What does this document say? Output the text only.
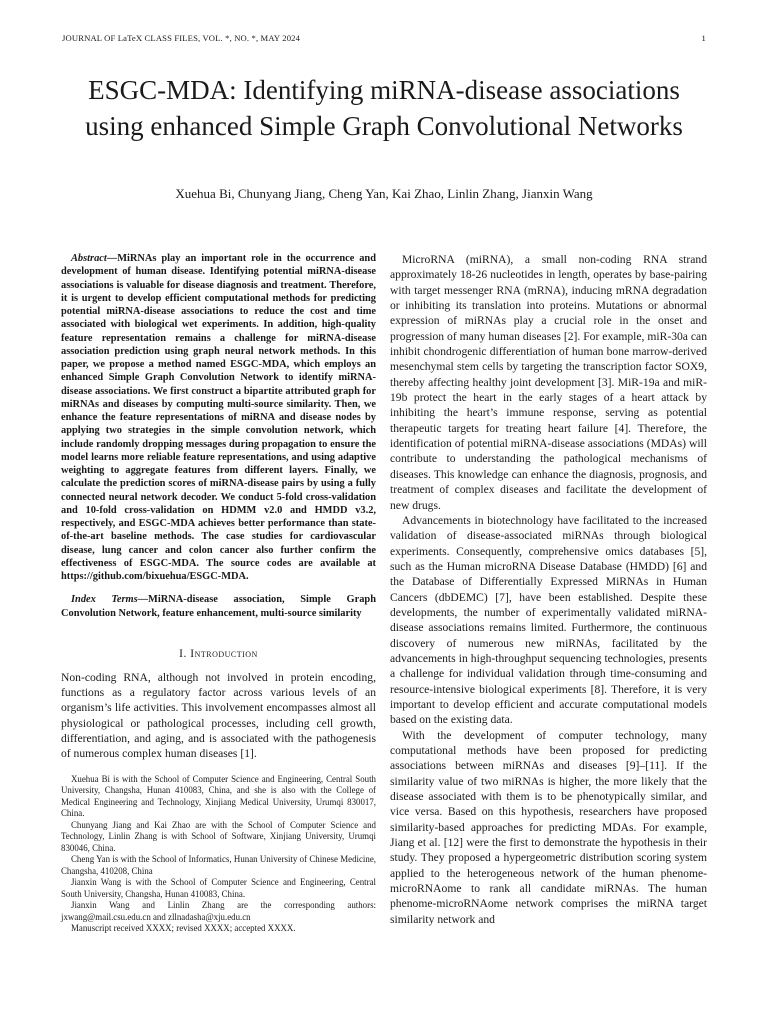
JOURNAL OF LaTeX CLASS FILES, VOL. *, NO. *, MAY 2024	1
ESGC-MDA: Identifying miRNA-disease associations using enhanced Simple Graph Convolutional Networks
Xuehua Bi, Chunyang Jiang, Cheng Yan, Kai Zhao, Linlin Zhang, Jianxin Wang

Abstract—MiRNAs play an important role in the occurrence and development of human disease. Identifying potential miRNA-disease associations is valuable for disease diagnosis and treatment. Therefore, it is urgent to develop efficient computational methods for predicting potential miRNA-disease associations to reduce the cost and time associated with biological wet experiments. In addition, high-quality feature representation remains a challenge for miRNA-disease association prediction using graph neural network methods. In this paper, we propose a method named ESGC-MDA, which employs an enhanced Simple Graph Convolution Network to identify miRNA-disease associations. We first construct a bipartite attributed graph for miRNAs and diseases by computing multi-source similarity. Then, we enhance the feature representations of miRNA and disease nodes by applying two strategies in the simple convolution network, which include randomly dropping messages during propagation to ensure the model learns more reliable feature representations, and using adaptive weighting to aggregate features from different layers. Finally, we calculate the prediction scores of miRNA-disease pairs by using a fully connected neural network decoder. We conduct 5-fold cross-validation and 10-fold cross-validation on HDMM v2.0 and HMDD v3.2, respectively, and ESGC-MDA achieves better performance than state-of-the-art baseline methods. The case studies for cardiovascular disease, lung cancer and colon cancer also further confirm the effectiveness of ESGC-MDA. The source codes are available at https://github.com/bixuehua/ESGC-MDA.

Index Terms—MiRNA-disease association, Simple Graph Convolution Network, feature enhancement, multi-source similarity

I. Introduction

Non-coding RNA, although not involved in protein encoding, functions as a regulatory factor across various levels of an organism’s life activities. This involvement encompasses almost all physiological or pathological processes, including cell growth, differentiation, and aging, and is associated with the pathogenesis of numerous complex human diseases [1].

Xuehua Bi is with the School of Computer Science and Engineering, Central South University, Changsha, Hunan 410083, China, and she is also with the College of Medical Engineering and Technology, Xinjiang Medical University, Urumqi 830017, China.

Chunyang Jiang and Kai Zhao are with the School of Computer Science and Technology, Linlin Zhang is with School of Software, Xinjiang University, Urumqi 830046, China.

Cheng Yan is with the School of Informatics, Hunan University of Chinese Medicine, Changsha, 410208, China

Jianxin Wang is with the School of Computer Science and Engineering, Central South University, Changsha, Hunan 410083, China.

Jianxin Wang and Linlin Zhang are the corresponding authors: jxwang@mail.csu.edu.cn and zllnadasha@xju.edu.cn

Manuscript received XXXX; revised XXXX; accepted XXXX.

MicroRNA (miRNA), a small non-coding RNA strand approximately 18-26 nucleotides in length, operates by base-pairing with target messenger RNA (mRNA), inducing mRNA degradation or inhibiting its translation into proteins. Mutations or abnormal expression of miRNAs play a crucial role in the onset and progression of many human diseases [2]. For example, miR-30a can inhibit chondrogenic differentiation of human bone marrow-derived mesenchymal stem cells by targeting the transcription factor SOX9, thereby affecting healthy joint development [3]. MiR-19a and miR-19b protect the heart in the early stages of a heart attack by inhibiting the heart’s immune response, serving as potential therapeutic targets for treating heart failure [4]. Therefore, the identification of potential miRNA-disease associations (MDAs) will contribute to understanding the pathological mechanisms of diseases. This knowledge can enhance the diagnosis, prognosis, and treatment of complex diseases and facilitate the development of new drugs.

Advancements in biotechnology have facilitated to the increased validation of disease-associated miRNAs through biological experiments. Consequently, comprehensive omics databases [5], such as the Human microRNA Disease Database (HMDD) [6] and the Database of Differentially Expressed MiRNAs in Human Cancers (dbDEMC) [7], have been established. Despite these developments, the number of experimentally validated miRNA-disease associations remains limited. Furthermore, the continuous discovery of numerous new miRNAs, facilitated by the advancements in high-throughput sequencing technologies, presents a challenge for individual validation through time-consuming and resource-intensive biological experiments [8]. Therefore, it is very important to develop efficient and accurate computational models based on the existing data.

With the development of computer technology, many computational methods have been proposed for predicting associations between miRNAs and diseases [9]–[11]. If the similarity value of two miRNAs is higher, the more likely that the disease associated with them is to be phenotypically similar, and vice versa. Based on this hypothesis, researchers have proposed similarity-based approaches for predicting MDAs. For example, Jiang et al. [12] were the first to demonstrate the hypothesis in their study. They proposed a hypergeometric distribution scoring system applied to the heterogeneous network of the human phenome-microRNAome to rank all candidate miRNAs. The human phenome-microRNAome network comprises the miRNA target similarity network and
